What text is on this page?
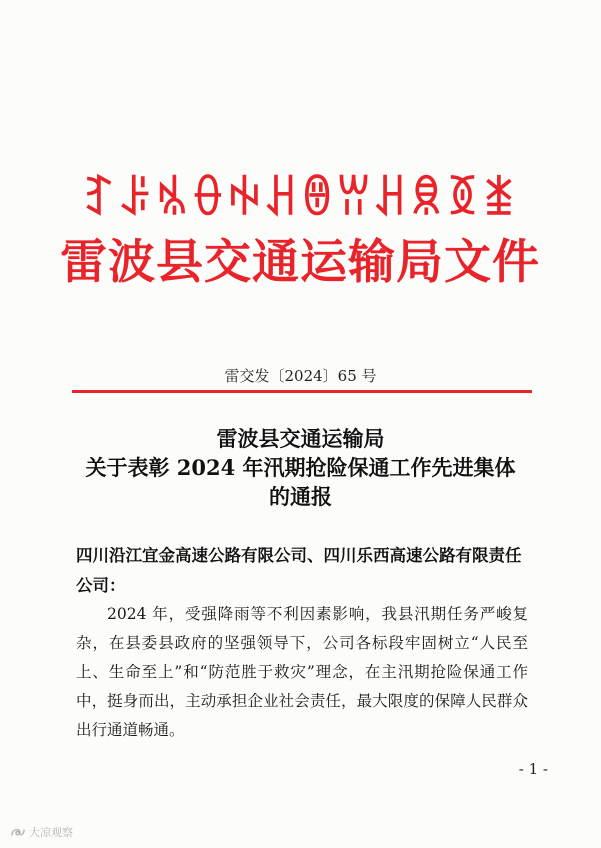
ꆈꌠꁱꂷꑭꃅꇩꀕꃅꌋꅉꁧ
雷波县交通运输局文件
雷交发〔2024〕65 号
雷波县交通运输局
关于表彰 2024 年汛期抢险保通工作先进集体
的通报
四川沿江宜金高速公路有限公司、四川乐西高速公路有限责任公司：
2024 年，受强降雨等不利因素影响，我县汛期任务严峻复杂，在县委县政府的坚强领导下，公司各标段牢固树立“人民至上、生命至上”和“防范胜于救灾”理念，在主汛期抢险保通工作中，挺身而出，主动承担企业社会责任，最大限度的保障人民群众出行通道畅通。
- 1 -
大凉观察
